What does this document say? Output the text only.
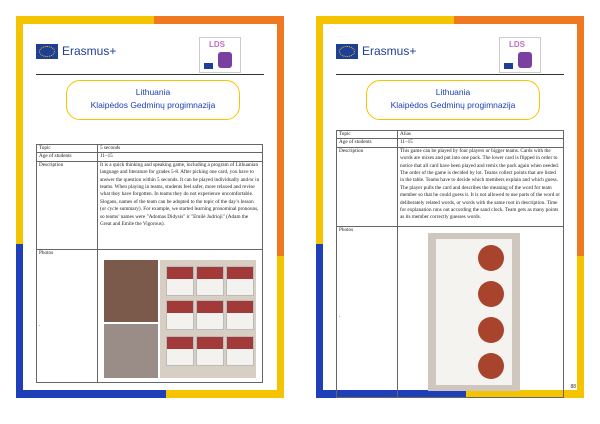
Erasmus+	LDS
Lithuania
Klaipėdos Gedminų progimnazija
Topic	5 seconds
Age of students	11–15
Description	It is a quick thinking and speaking game, including a program of Lithuanian language and literature for grades 5-8. After picking one card, you have to answer the question within 5 seconds. It can be played individually and/or in teams. When playing in teams, students feel safer, more relaxed and revise what they have forgotten. In teams they do not experience uncomfortable. Slogans, names of the team can be adopted to the topic of the day’s lesson (or cycle summary). For example, we started learning pronominal pronouns, so teams’ names were "Adomas Didysis" ir "Emilė Judrioji" (Adam the Great and Emile the Vigorous).
Photos
.	

Erasmus+	LDS
Lithuania
Klaipėdos Gedminų progimnazija
Topic	Alias
Age of students	11–15
Description	This game can be played by four players or bigger teams. Cards with the words are mixes and put into one pack. The lower card is flipped in order to notice that all card have been played and remix the pack again when needed. The order of the game is decided by lot. Teams collect points that are listed in the table. Teams have to decide which members explain and which guess. The player pulls the card and describes the meaning of the word for team member so that he could guess it. It is not allowed to use parts of the word or deliberately related words, or words with the same root in description. Time for explanation runs out according the sand clock. Team gets as many points as its member correctly guesses words.
Photos
.	

88
